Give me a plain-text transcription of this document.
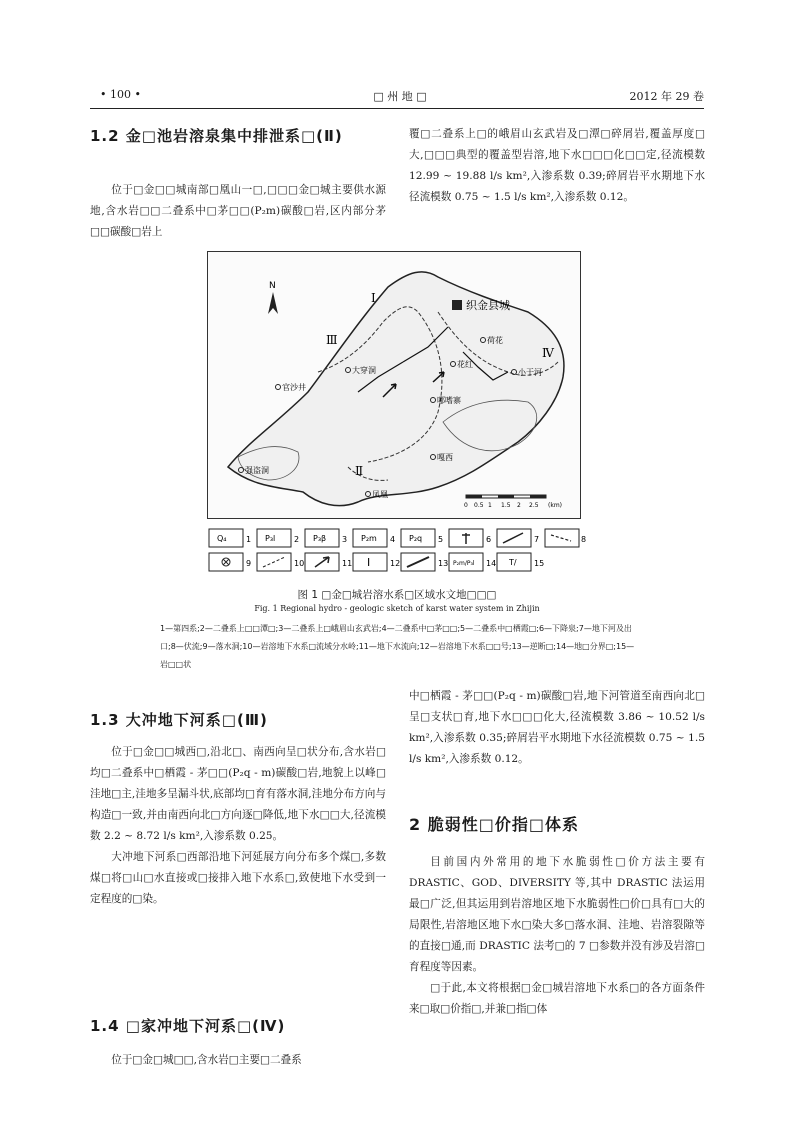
• 100 •	□ 州 地 □	2012 年 29 卷
1.2 金□池岩溶泉集中排泄系□(Ⅱ)

位于□金□□城南部□凰山一□,□□□金□城主要供水源地,含水岩□□二叠系中□茅□□(P₂m)碳酸□岩,区内部分茅□□碳酸□岩上

覆□二叠系上□的峨眉山玄武岩及□潭□碎屑岩,覆盖厚度□大,□□□典型的覆盖型岩溶,地下水□□□化□□定,径流模数 12.99 ~ 19.88 l/s km²,入渗系数 0.39;碎屑岩平水期地下水径流模数 0.75 ~ 1.5 l/s km²,入渗系数 0.12。

N
织金县城
Ⅰ
Ⅱ
Ⅲ
Ⅳ
大穿洞
官沙井
荷花
花红
哪嗜寨
小干河
嘎西
强盗洞
凤凰
0 0.5 1 1.5 2 2.5 (km)
Q₄ 1 P₃l 2 P₃β 3 P₂m 4 P₂q 5	6	7	8
9	10	11 Ⅰ 12	13 P₂m/P₃l 14 T/ 15
图 1 □金□城岩溶水系□区域水文地□□□
Fig. 1 Regional hydro - geologic sketch of karst water system in Zhijin
1—第四系;2—二叠系上□□潭□;3—二叠系上□峨眉山玄武岩;4—二叠系中□茅□□;5—二叠系中□栖霞□;6—下降泉;7—地下河及出口;8—伏流;9—落水洞;10—岩溶地下水系□流域分水岭;11—地下水流向;12—岩溶地下水系□□号;13—逆断□;14—地□分界□;15—岩□□状
1.3 大冲地下河系□(Ⅲ)

位于□金□□城西□,沿北□、南西向呈□状分布,含水岩□均□二叠系中□栖霞 - 茅□□(P₂q - m)碳酸□岩,地貌上以峰□洼地□主,洼地多呈漏斗状,底部均□育有落水洞,洼地分布方向与构造□一致,并由南西向北□方向逐□降低,地下水□□大,径流模数 2.2 ~ 8.72 l/s km²,入渗系数 0.25。

大冲地下河系□西部沿地下河延展方向分布多个煤□,多数煤□将□山□水直接或□接排入地下水系□,致使地下水受到一定程度的□染。

1.4 □家冲地下河系□(Ⅳ)

位于□金□城□□,含水岩□主要□二叠系

中□栖霞 - 茅□□(P₂q - m)碳酸□岩,地下河管道至南西向北□呈□支状□育,地下水□□□化大,径流模数 3.86 ~ 10.52 l/s km²,入渗系数 0.35;碎屑岩平水期地下水径流模数 0.75 ~ 1.5 l/s km²,入渗系数 0.12。

2 脆弱性□价指□体系

目前国内外常用的地下水脆弱性□价方法主要有 DRASTIC、GOD、DIVERSITY 等,其中 DRASTIC 法运用最□广泛,但其运用到岩溶地区地下水脆弱性□价□具有□大的局限性,岩溶地区地下水□染大多□落水洞、洼地、岩溶裂隙等的直接□通,而 DRASTIC 法考□的 7 □参数并没有涉及岩溶□育程度等因素。

□于此,本文将根据□金□城岩溶地下水系□的各方面条件来□取□价指□,并兼□指□体
